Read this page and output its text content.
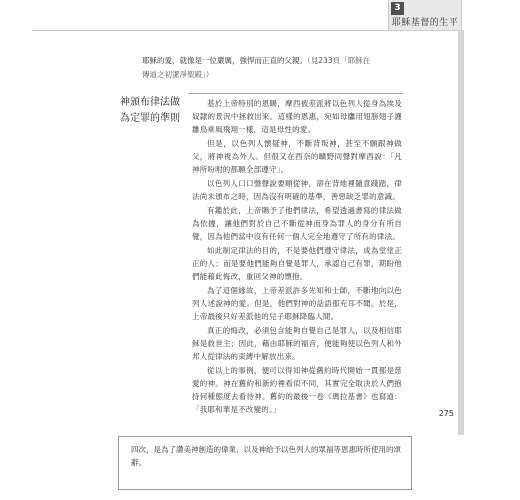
3
耶穌基督的生平
耶穌的愛，就像是一位嚴厲，強悍而正直的父親。（見233頁「耶穌在傳道之初潔淨聖殿」）
神頒布律法做為定罪的準則

基於上帝特別的恩賜，摩西被差派將以色列人從身為埃及奴隸的景況中拯救出來。這樣的恩惠，宛如母鷹用翅膀翅子護雛鳥乘風飛翔一樣，這是母性的愛。

但是，以色列人懷疑神，不斷背叛神，甚至不願跟神做父，將神視為外人。但很又在西奈的曠野同聲對摩西說：「凡神所吩咐的都願全部遵守」。

以色列人口口聲聲說要順從神，卻在背地裡隨意踐踏，律法尚未頒布之時，因為沒有明確的基準，善惡缺乏罪的意識。

有鑑於此，上帝賜予了他們律法，希望透過書寫的律法做為依據，讓他們對於自己不斷從神而身為罪人的身分有所自覺，因為他們當中沒有任何一個人完全地遵守了所有的律法。

如此制定律法的目的，不是要他們遵守律法，成為堂堂正正的人；而是要他們能夠自覺是罪人，承認自己有罪，期盼他們能藉此悔改，重回父神的懷抱。

為了這個緣故，上帝差派許多先知和士師，不斷地向以色列人述說神的愛。但是，他們對神的話語那充耳不聞。於是，上帝最後只好差派他的兒子耶穌降臨人間。

真正的悔改，必須包含能夠自覺自己是罪人，以及相信耶穌是救世主；因此，藉由耶穌的福音，便能夠使以色列人和外邦人從律法的束縛中解放出來。

從以上的事例，便可以得知神從舊約時代開始一貫都是慈愛的神。神在舊約和新約裡看似不同，其實完全取決於人們抱持何種態度去看待神。舊約的最後一卷《瑪拉基書》也寫道：「我耶和華是不改變的。」	275
四次，是為了讚美神創造的偉業、以及神給予以色列人的眾福等恩惠時所使用的頌辭。
